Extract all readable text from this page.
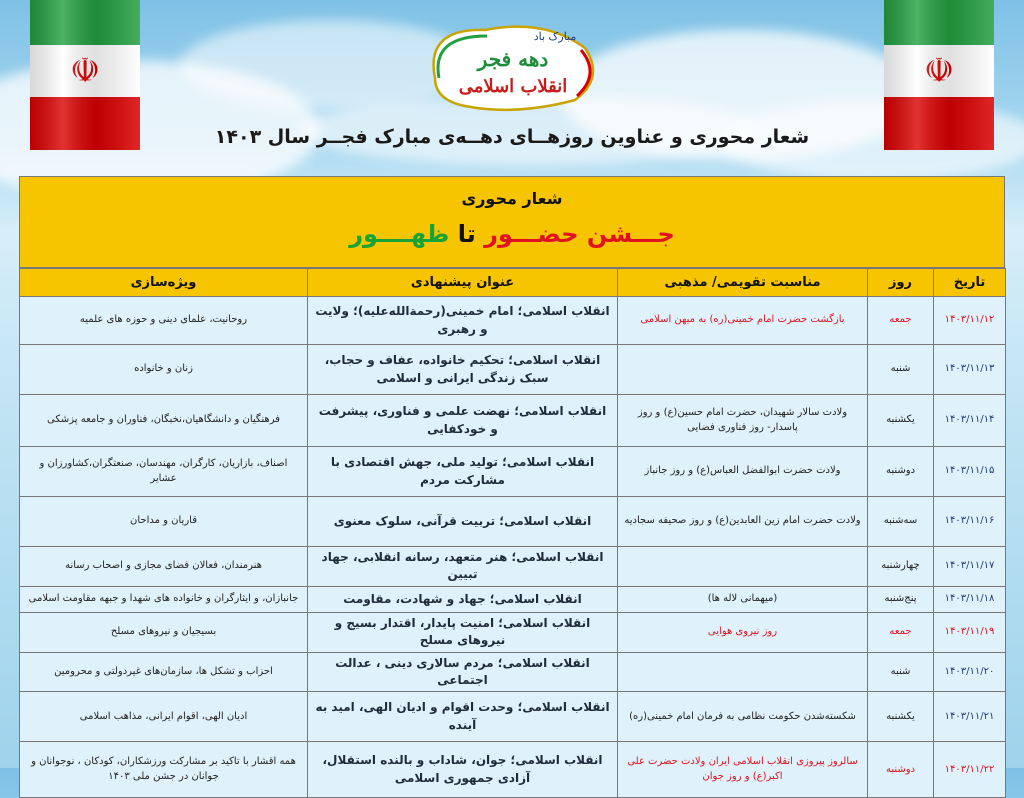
دهه فجر
انقلاب اسلامی
مبارک باد
شعار محوری و عناوین روزهــای دهــه‌ی مبارک فجــر سال ۱۴۰۳
شعار محوری
جـــشن حضـــور تا ظهــــور
تاریخ	روز	مناسبت تقویمی/ مذهبی	عنوان پیشنهادی	ویژه‌سازی
۱۴۰۳/۱۱/۱۲	جمعه	بازگشت حضرت امام خمینی(ره) به میهن اسلامی	انقلاب اسلامی؛ امام خمینی(رحمةالله‌علیه)؛ ولایت و رهبری	روحانیت، علمای دینی و حوزه های علمیه
۱۴۰۳/۱۱/۱۳	شنبه		انقلاب اسلامی؛ تحکیم خانواده، عفاف و حجاب، سبک زندگی ایرانی و اسلامی	زنان و خانواده
۱۴۰۳/۱۱/۱۴	یکشنبه	ولادت سالار شهیدان، حضرت امام حسین(ع) و روز پاسدار- روز فناوری فضایی	انقلاب اسلامی؛ نهضت علمی و فناوری، پیشرفت و خودکفایی	فرهنگیان و دانشگاهیان،نخبگان، فناوران و جامعه پزشکی
۱۴۰۳/۱۱/۱۵	دوشنبه	ولادت حضرت ابوالفضل العباس(ع) و روز جانباز	انقلاب اسلامی؛ تولید ملی، جهش اقتصادی با مشارکت مردم	اصناف، بازاریان، کارگران، مهندسان، صنعتگران،کشاورزان و عشایر
۱۴۰۳/۱۱/۱۶	سه‌شنبه	ولادت حضرت امام زین العابدین(ع) و روز صحیفه سجادیه	انقلاب اسلامی؛ تربیت قرآنی، سلوک معنوی	قاریان و مداحان
۱۴۰۳/۱۱/۱۷	چهارشنبه		انقلاب اسلامی؛ هنر متعهد، رسانه انقلابی، جهاد تبیین	هنرمندان، فعالان فضای مجازی و اصحاب رسانه
۱۴۰۳/۱۱/۱۸	پنج‌شنبه	(میهمانی لاله ها)	انقلاب اسلامی؛ جهاد و شهادت، مقاومت	جانبازان، و ایثارگران و خانواده های شهدا و جبهه مقاومت اسلامی
۱۴۰۳/۱۱/۱۹	جمعه	روز نیروی هوایی	انقلاب اسلامی؛ امنیت پایدار، اقتدار بسیج و نیروهای مسلح	بسیجیان و نیروهای مسلح
۱۴۰۳/۱۱/۲۰	شنبه		انقلاب اسلامی؛ مردم سالاری دینی ، عدالت اجتماعی	احزاب و تشکل ها، سازمان‌های غیردولتی و محرومین
۱۴۰۳/۱۱/۲۱	یکشنبه	شکسته‌شدن حکومت نظامی به فرمان امام خمینی(ره)	انقلاب اسلامی؛ وحدت اقوام و ادیان الهی، امید به آینده	ادیان الهی، اقوام ایرانی، مذاهب اسلامی
۱۴۰۳/۱۱/۲۲	دوشنبه	سالروز پیروزی انقلاب اسلامی ایران ولادت حضرت علی اکبر(ع) و روز جوان	انقلاب اسلامی؛ جوان، شاداب و بالنده استقلال، آزادی جمهوری اسلامی	همه اقشار با تاکید بر مشارکت ورزشکاران، کودکان ، نوجوانان و جوانان در جشن ملی ۱۴۰۳
